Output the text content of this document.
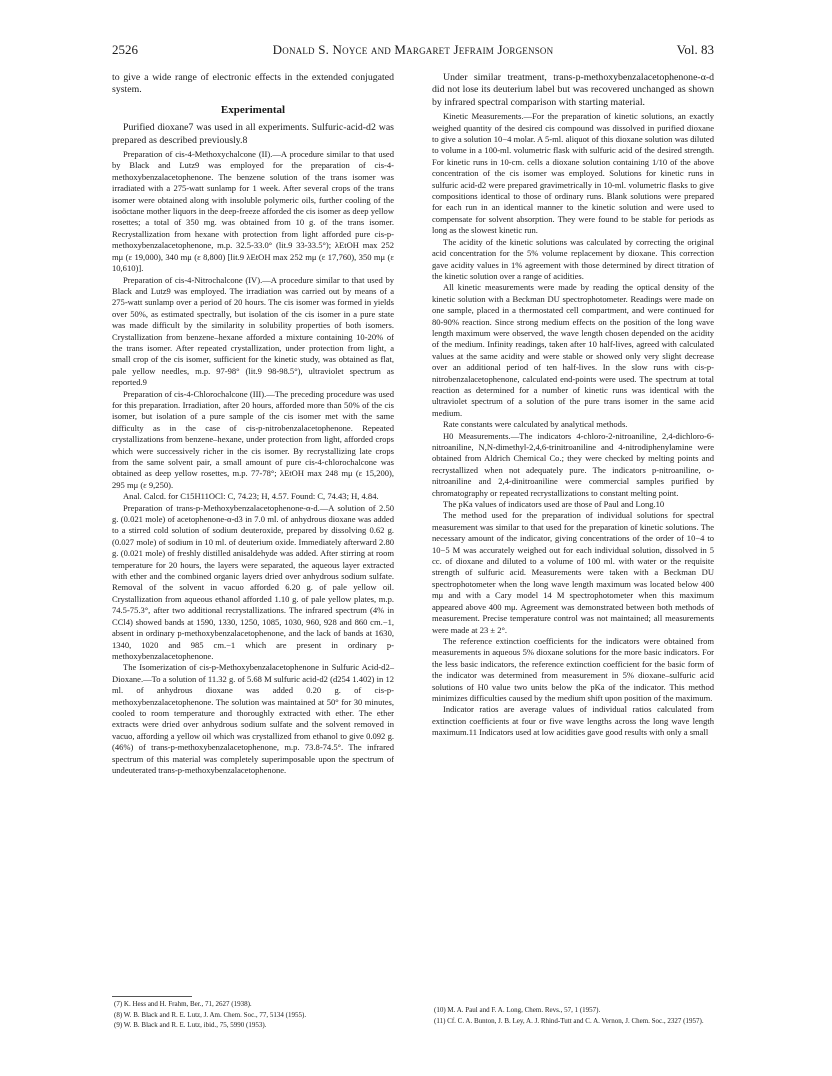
2526	Donald S. Noyce and Margaret Jefraim Jorgenson	Vol. 83

to give a wide range of electronic effects in the extended conjugated system.

Experimental

Purified dioxane7 was used in all experiments. Sulfuric-acid-d2 was prepared as described previously.8

Preparation of cis-4-Methoxychalcone (II).—A procedure similar to that used by Black and Lutz9 was employed for the preparation of cis-4-methoxybenzalacetophenone. The benzene solution of the trans isomer was irradiated with a 275-watt sunlamp for 1 week. After several crops of the trans isomer were obtained along with insoluble polymeric oils, further cooling of the isoöctane mother liquors in the deep-freeze afforded the cis isomer as deep yellow rosettes; a total of 350 mg. was obtained from 10 g. of the trans isomer. Recrystallization from hexane with protection from light afforded pure cis-p-methoxybenzalacetophenone, m.p. 32.5-33.0° (lit.9 33-33.5°); λEtOH max 252 mμ (ε 19,000), 340 mμ (ε 8,800) [lit.9 λEtOH max 252 mμ (ε 17,760), 350 mμ (ε 10,610)].

Preparation of cis-4-Nitrochalcone (IV).—A procedure similar to that used by Black and Lutz9 was employed. The irradiation was carried out by means of a 275-watt sunlamp over a period of 20 hours. The cis isomer was formed in yields over 50%, as estimated spectrally, but isolation of the cis isomer in a pure state was made difficult by the similarity in solubility properties of both isomers. Crystallization from benzene–hexane afforded a mixture containing 10-20% of the trans isomer. After repeated crystallization, under protection from light, a small crop of the cis isomer, sufficient for the kinetic study, was obtained as flat, pale yellow needles, m.p. 97-98° (lit.9 98-98.5°), ultraviolet spectrum as reported.9

Preparation of cis-4-Chlorochalcone (III).—The preceding procedure was used for this preparation. Irradiation, after 20 hours, afforded more than 50% of the cis isomer, but isolation of a pure sample of the cis isomer met with the same difficulty as in the case of cis-p-nitrobenzalacetophenone. Repeated crystallizations from benzene–hexane, under protection from light, afforded crops which were successively richer in the cis isomer. By recrystallizing late crops from the same solvent pair, a small amount of pure cis-4-chlorochalcone was obtained as deep yellow rosettes, m.p. 77-78°; λEtOH max 248 mμ (ε 15,200), 295 mμ (ε 9,250).

Anal. Calcd. for C15H11OCl: C, 74.23; H, 4.57. Found: C, 74.43; H, 4.84.

Preparation of trans-p-Methoxybenzalacetophenone-α-d.—A solution of 2.50 g. (0.021 mole) of acetophenone-α-d3 in 7.0 ml. of anhydrous dioxane was added to a stirred cold solution of sodium deuteroxide, prepared by dissolving 0.62 g. (0.027 mole) of sodium in 10 ml. of deuterium oxide. Immediately afterward 2.80 g. (0.021 mole) of freshly distilled anisaldehyde was added. After stirring at room temperature for 20 hours, the layers were separated, the aqueous layer extracted with ether and the combined organic layers dried over anhydrous sodium sulfate. Removal of the solvent in vacuo afforded 6.20 g. of pale yellow oil. Crystallization from aqueous ethanol afforded 1.10 g. of pale yellow plates, m.p. 74.5-75.3°, after two additional recrystallizations. The infrared spectrum (4% in CCl4) showed bands at 1590, 1330, 1250, 1085, 1030, 960, 928 and 860 cm.−1, absent in ordinary p-methoxybenzalacetophenone, and the lack of bands at 1630, 1340, 1020 and 985 cm.−1 which are present in ordinary p-methoxybenzalacetophenone.

The Isomerization of cis-p-Methoxybenzalacetophenone in Sulfuric Acid-d2–Dioxane.—To a solution of 11.32 g. of 5.68 M sulfuric acid-d2 (d254 1.402) in 12 ml. of anhydrous dioxane was added 0.20 g. of cis-p-methoxybenzalacetophenone. The solution was maintained at 50° for 30 minutes, cooled to room temperature and thoroughly extracted with ether. The ether extracts were dried over anhydrous sodium sulfate and the solvent removed in vacuo, affording a yellow oil which was crystallized from ethanol to give 0.092 g. (46%) of trans-p-methoxybenzalacetophenone, m.p. 73.8-74.5°. The infrared spectrum of this material was completely superimposable upon the spectrum of undeuterated trans-p-methoxybenzalacetophenone.

Under similar treatment, trans-p-methoxybenzalacetophenone-α-d did not lose its deuterium label but was recovered unchanged as shown by infrared spectral comparison with starting material.

Kinetic Measurements.—For the preparation of kinetic solutions, an exactly weighed quantity of the desired cis compound was dissolved in purified dioxane to give a solution 10−4 molar. A 5-ml. aliquot of this dioxane solution was diluted to volume in a 100-ml. volumetric flask with sulfuric acid of the desired strength. For kinetic runs in 10-cm. cells a dioxane solution containing 1/10 of the above concentration of the cis isomer was employed. Solutions for kinetic runs in sulfuric acid-d2 were prepared gravimetrically in 10-ml. volumetric flasks to give compositions identical to those of ordinary runs. Blank solutions were prepared for each run in an identical manner to the kinetic solution and were used to compensate for solvent absorption. They were found to be stable for periods as long as the slowest kinetic run.

The acidity of the kinetic solutions was calculated by correcting the original acid concentration for the 5% volume replacement by dioxane. This correction gave acidity values in 1% agreement with those determined by direct titration of the kinetic solution over a range of acidities.

All kinetic measurements were made by reading the optical density of the kinetic solution with a Beckman DU spectrophotometer. Readings were made on one sample, placed in a thermostated cell compartment, and were continued for 80-90% reaction. Since strong medium effects on the position of the long wave length maximum were observed, the wave length chosen depended on the acidity of the medium. Infinity readings, taken after 10 half-lives, agreed with calculated values at the same acidity and were stable or showed only very slight decrease over an additional period of ten half-lives. In the slow runs with cis-p-nitrobenzalacetophenone, calculated end-points were used. The spectrum at total reaction as determined for a number of kinetic runs was identical with the ultraviolet spectrum of a solution of the pure trans isomer in the same acid medium.

Rate constants were calculated by analytical methods.

H0 Measurements.—The indicators 4-chloro-2-nitroaniline, 2,4-dichloro-6-nitroaniline, N,N-dimethyl-2,4,6-trinitroaniline and 4-nitrodiphenylamine were obtained from Aldrich Chemical Co.; they were checked by melting points and recrystallized when not adequately pure. The indicators p-nitroaniline, o-nitroaniline and 2,4-dinitroaniline were commercial samples purified by chromatography or repeated recrystallizations to constant melting point.

The pKa values of indicators used are those of Paul and Long.10

The method used for the preparation of individual solutions for spectral measurement was similar to that used for the preparation of kinetic solutions. The necessary amount of the indicator, giving concentrations of the order of 10−4 to 10−5 M was accurately weighed out for each individual solution, dissolved in 5 cc. of dioxane and diluted to a volume of 100 ml. with water or the requisite strength of sulfuric acid. Measurements were taken with a Beckman DU spectrophotometer when the long wave length maximum was located below 400 mμ and with a Cary model 14 M spectrophotometer when this maximum appeared above 400 mμ. Agreement was demonstrated between both methods of measurement. Precise temperature control was not maintained; all measurements were made at 23 ± 2°.

The reference extinction coefficients for the indicators were obtained from measurements in aqueous 5% dioxane solutions for the more basic indicators. For the less basic indicators, the reference extinction coefficient for the basic form of the indicator was determined from measurement in 5% dioxane–sulfuric acid solutions of H0 value two units below the pKa of the indicator. This method minimizes difficulties caused by the medium shift upon position of the maximum.

Indicator ratios are average values of individual ratios calculated from extinction coefficients at four or five wave lengths across the long wave length maximum.11 Indicators used at low acidities gave good results with only a small

(7) K. Hess and H. Frahm, Ber., 71, 2627 (1938).

(8) W. B. Black and R. E. Lutz, J. Am. Chem. Soc., 77, 5134 (1955).

(9) W. B. Black and R. E. Lutz, ibid., 75, 5990 (1953).

(10) M. A. Paul and F. A. Long, Chem. Revs., 57, 1 (1957).

(11) Cf. C. A. Bunton, J. B. Ley, A. J. Rhind-Tutt and C. A. Vernon, J. Chem. Soc., 2327 (1957).
